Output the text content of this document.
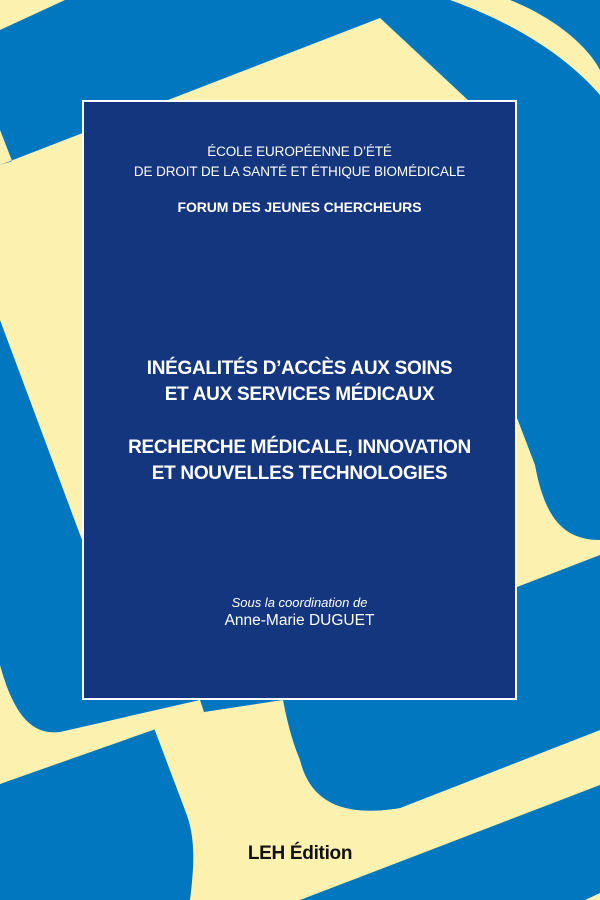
ÉCOLE EUROPÉENNE D’ÉTÉ
DE DROIT DE LA SANTÉ ET ÉTHIQUE BIOMÉDICALE
FORUM DES JEUNES CHERCHEURS
INÉGALITÉS D’ACCÈS AUX SOINS
ET AUX SERVICES MÉDICAUX
RECHERCHE MÉDICALE, INNOVATION
ET NOUVELLES TECHNOLOGIES
Sous la coordination de
Anne-Marie DUGUET
LEH Édition
